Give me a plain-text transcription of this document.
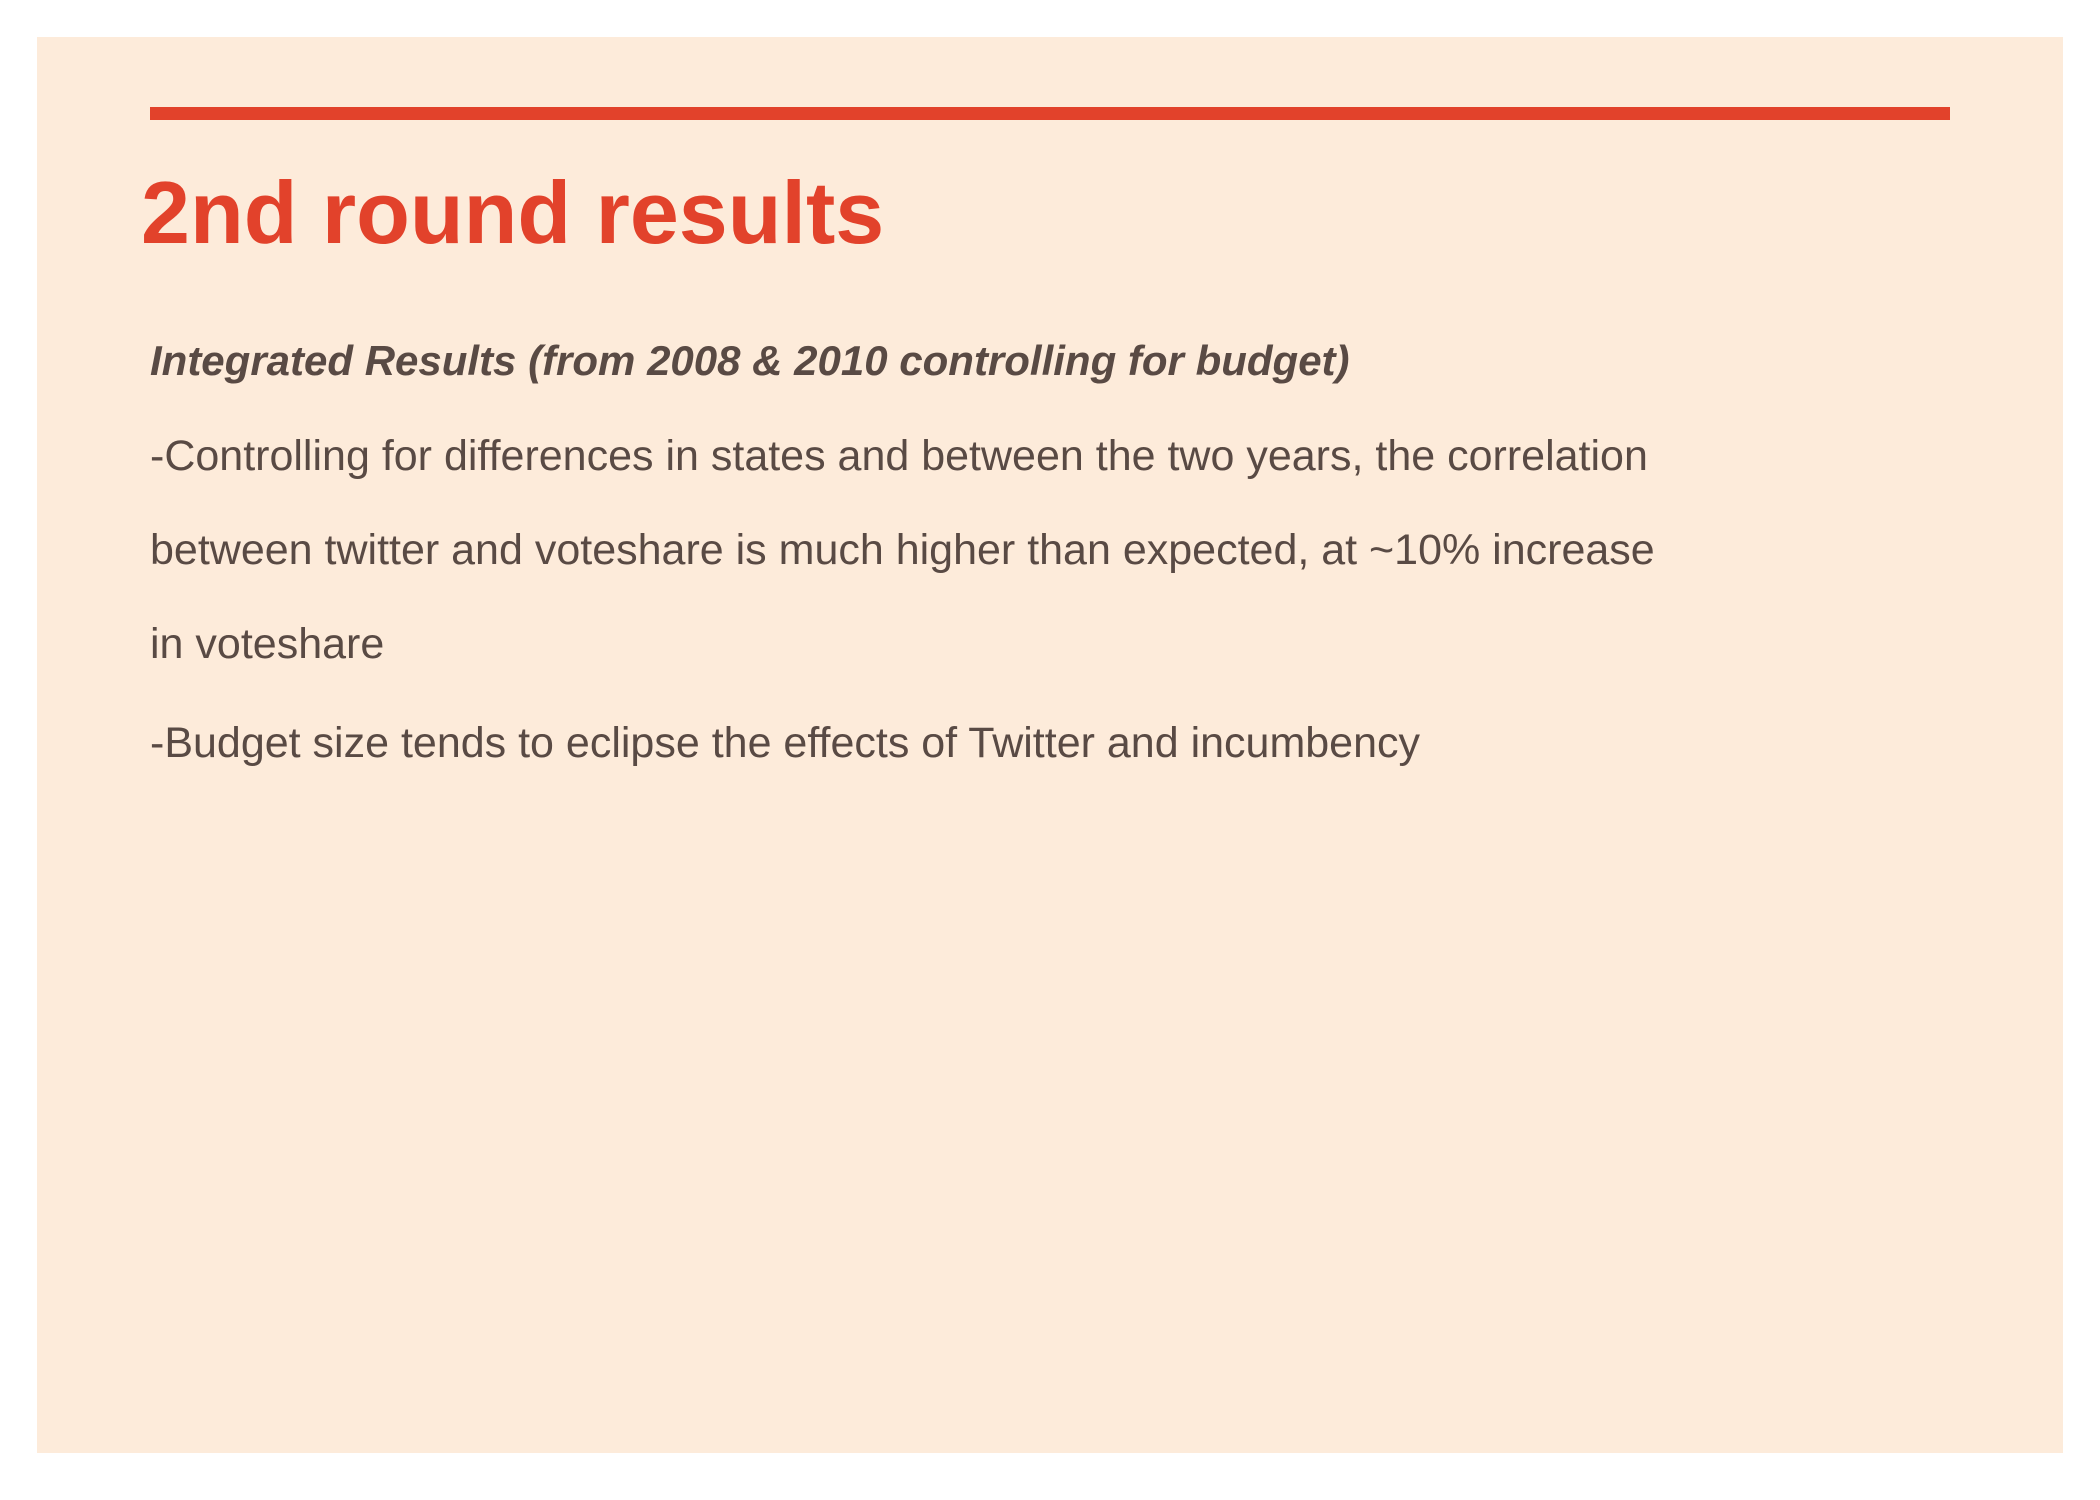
2nd round results

Integrated Results (from 2008 & 2010 controlling for budget)

-Controlling for differences in states and between the two years, the correlation

between twitter and voteshare is much higher than expected, at ~10% increase

in voteshare

-Budget size tends to eclipse the effects of Twitter and incumbency
